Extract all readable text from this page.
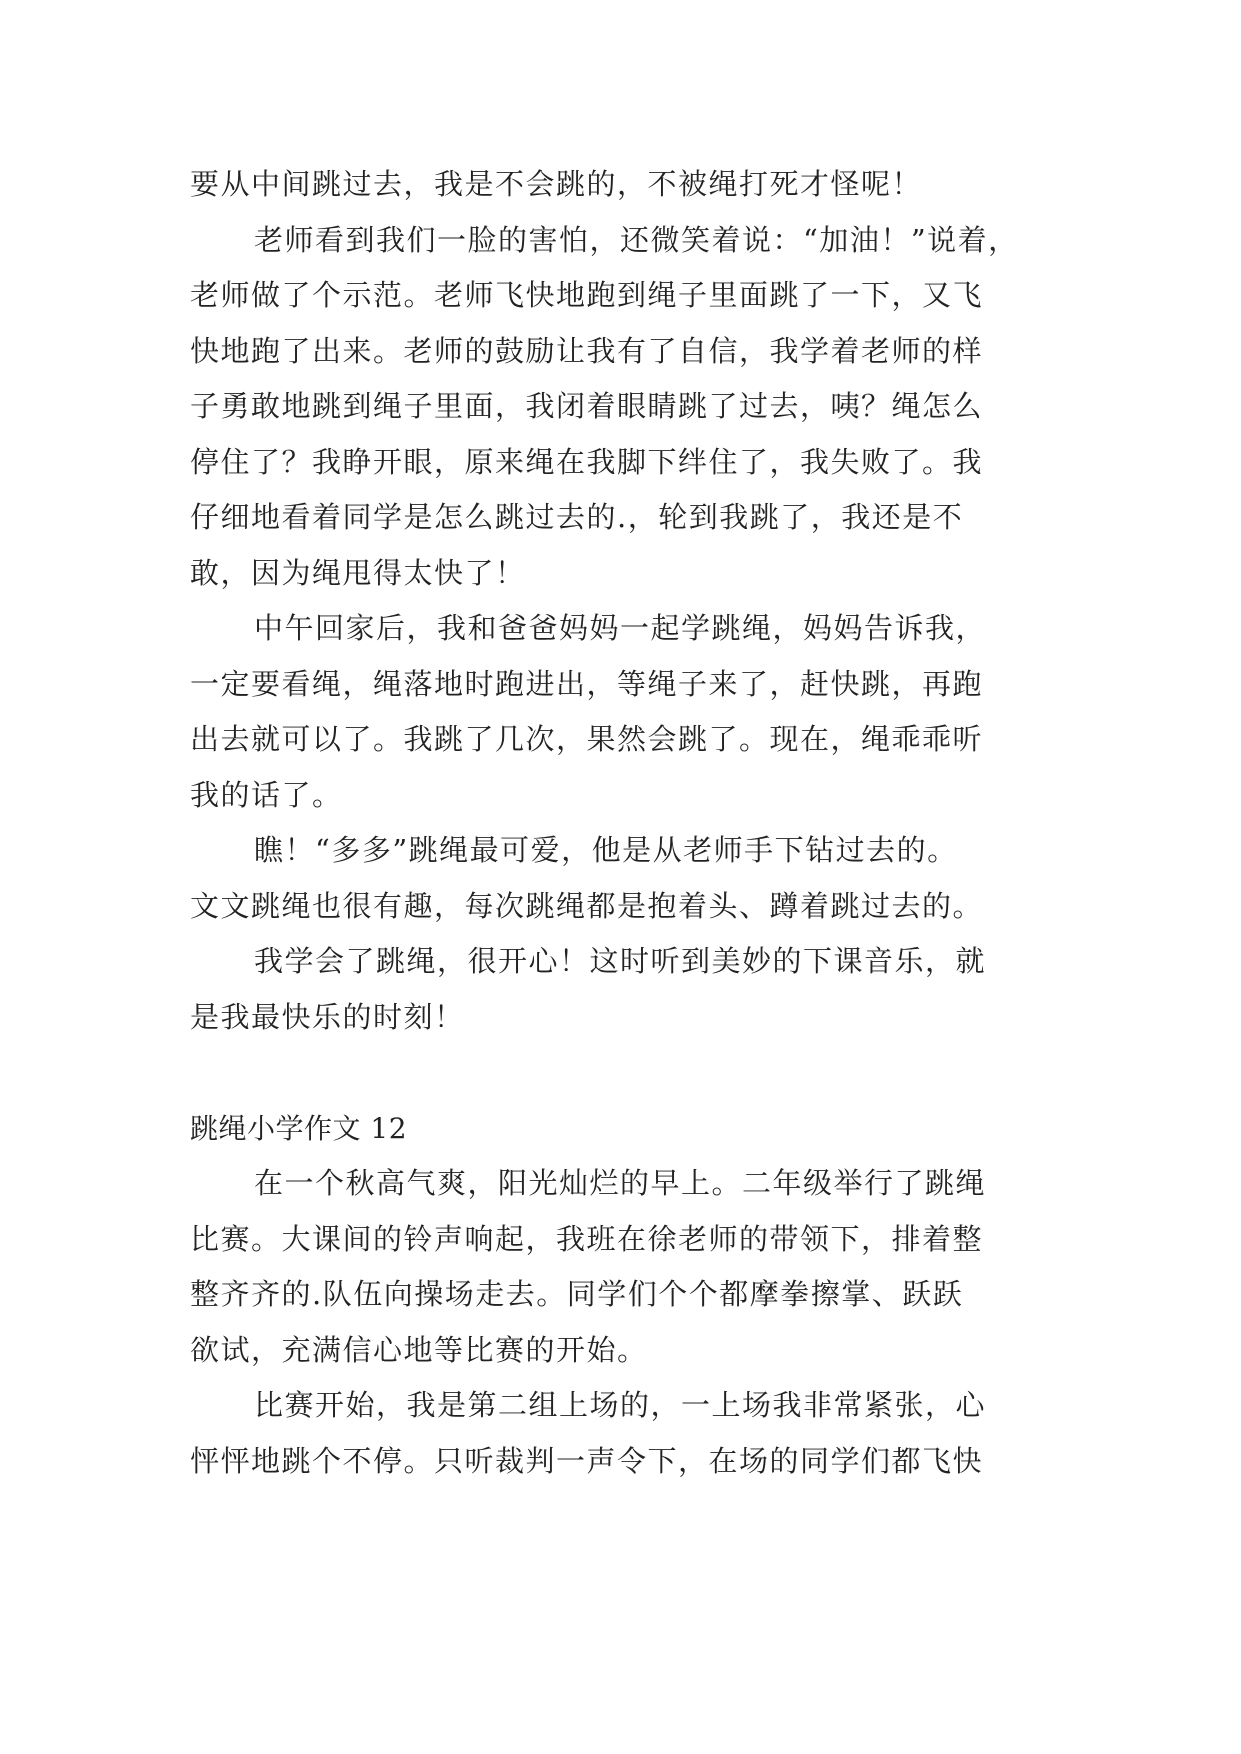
要从中间跳过去，我是不会跳的，不被绳打死才怪呢！
老师看到我们一脸的害怕，还微笑着说：“加油！”说着，
老师做了个示范。老师飞快地跑到绳子里面跳了一下，又飞
快地跑了出来。老师的鼓励让我有了自信，我学着老师的样
子勇敢地跳到绳子里面，我闭着眼睛跳了过去，咦？绳怎么
停住了？我睁开眼，原来绳在我脚下绊住了，我失败了。我
仔细地看着同学是怎么跳过去的.，轮到我跳了，我还是不
敢，因为绳甩得太快了！
中午回家后，我和爸爸妈妈一起学跳绳，妈妈告诉我，
一定要看绳，绳落地时跑进出，等绳子来了，赶快跳，再跑
出去就可以了。我跳了几次，果然会跳了。现在，绳乖乖听
我的话了。
瞧！“多多”跳绳最可爱，他是从老师手下钻过去的。
文文跳绳也很有趣，每次跳绳都是抱着头、蹲着跳过去的。
我学会了跳绳，很开心！这时听到美妙的下课音乐，就
是我最快乐的时刻！
跳绳小学作文 12
在一个秋高气爽，阳光灿烂的早上。二年级举行了跳绳
比赛。大课间的铃声响起，我班在徐老师的带领下，排着整
整齐齐的.队伍向操场走去。同学们个个都摩拳擦掌、跃跃
欲试，充满信心地等比赛的开始。
比赛开始，我是第二组上场的，一上场我非常紧张，心
怦怦地跳个不停。只听裁判一声令下，在场的同学们都飞快
